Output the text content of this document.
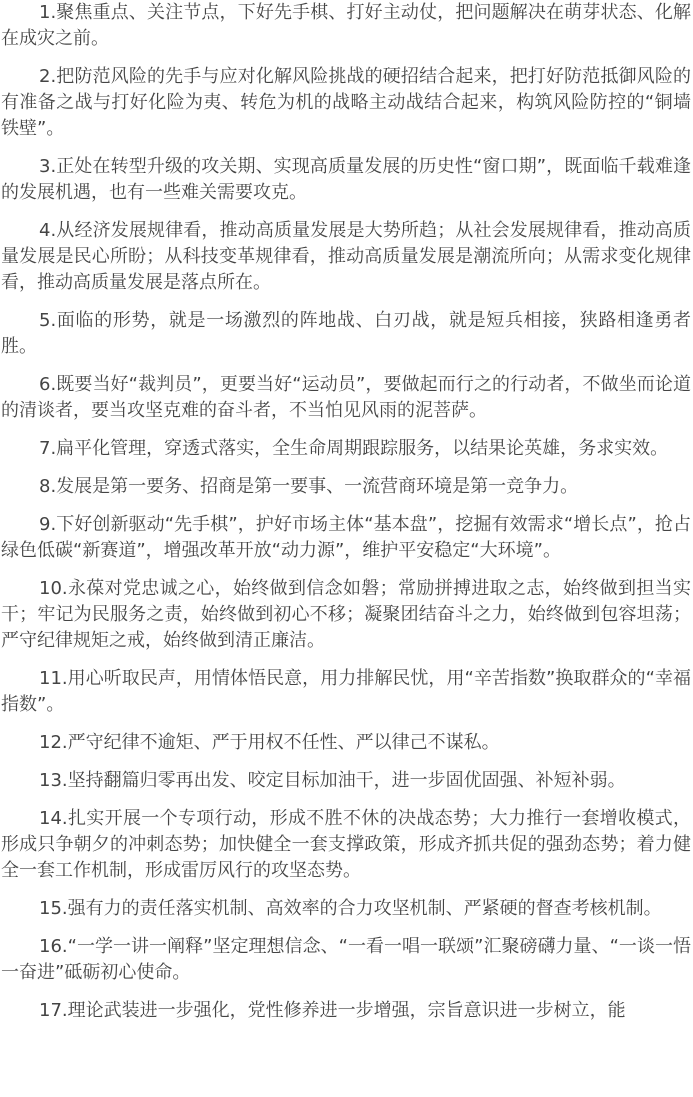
1.聚焦重点、关注节点，下好先手棋、打好主动仗，把问题解决在萌芽状态、化解在成灾之前。

2.把防范风险的先手与应对化解风险挑战的硬招结合起来，把打好防范抵御风险的有准备之战与打好化险为夷、转危为机的战略主动战结合起来，构筑风险防控的“铜墙铁壁”。

3.正处在转型升级的攻关期、实现高质量发展的历史性“窗口期”，既面临千载难逢的发展机遇，也有一些难关需要攻克。

4.从经济发展规律看，推动高质量发展是大势所趋；从社会发展规律看，推动高质量发展是民心所盼；从科技变革规律看，推动高质量发展是潮流所向；从需求变化规律看，推动高质量发展是落点所在。

5.面临的形势，就是一场激烈的阵地战、白刃战，就是短兵相接，狭路相逢勇者胜。

6.既要当好“裁判员”，更要当好“运动员”，要做起而行之的行动者，不做坐而论道的清谈者，要当攻坚克难的奋斗者，不当怕见风雨的泥菩萨。

7.扁平化管理，穿透式落实，全生命周期跟踪服务，以结果论英雄，务求实效。

8.发展是第一要务、招商是第一要事、一流营商环境是第一竞争力。

9.下好创新驱动“先手棋”，护好市场主体“基本盘”，挖掘有效需求“增长点”，抢占绿色低碳“新赛道”，增强改革开放“动力源”，维护平安稳定“大环境”。

10.永葆对党忠诚之心，始终做到信念如磐；常励拼搏进取之志，始终做到担当实干；牢记为民服务之责，始终做到初心不移；凝聚团结奋斗之力，始终做到包容坦荡；严守纪律规矩之戒，始终做到清正廉洁。

11.用心听取民声，用情体悟民意，用力排解民忧，用“辛苦指数”换取群众的“幸福指数”。

12.严守纪律不逾矩、严于用权不任性、严以律己不谋私。

13.坚持翻篇归零再出发、咬定目标加油干，进一步固优固强、补短补弱。

14.扎实开展一个专项行动，形成不胜不休的决战态势；大力推行一套增收模式，形成只争朝夕的冲刺态势；加快健全一套支撑政策，形成齐抓共促的强劲态势；着力健全一套工作机制，形成雷厉风行的攻坚态势。

15.强有力的责任落实机制、高效率的合力攻坚机制、严紧硬的督查考核机制。

16.“一学一讲一阐释”坚定理想信念、“一看一唱一联颂”汇聚磅礴力量、“一谈一悟一奋进”砥砺初心使命。

17.理论武装进一步强化，党性修养进一步增强，宗旨意识进一步树立，能
